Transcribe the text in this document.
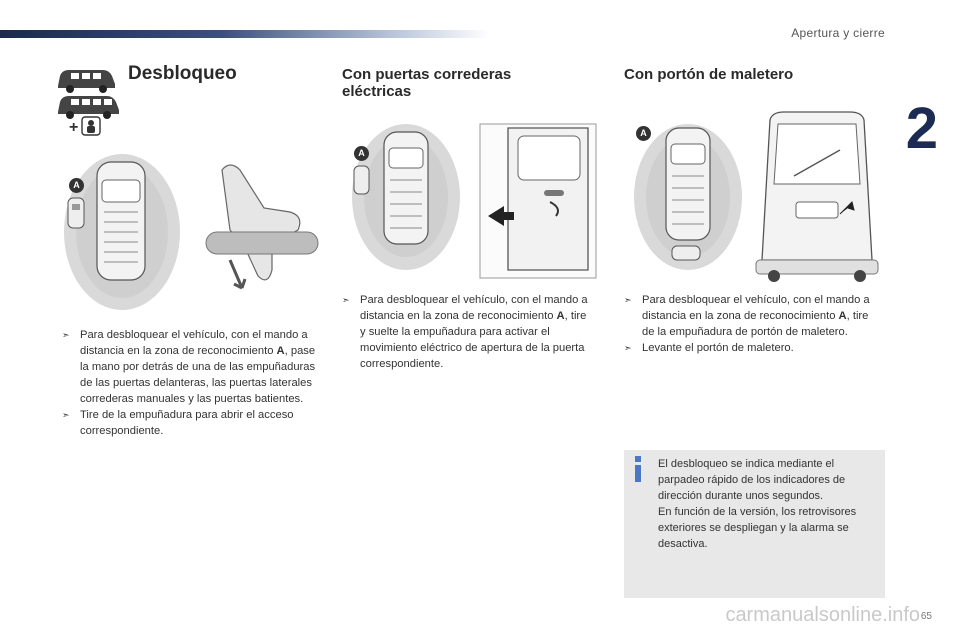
Apertura y cierre
2
carmanualsonline.info 65
+
Desbloqueo
A

➣ Para desbloquear el vehículo, con el mando a distancia en la zona de reconocimiento A, pase la mano por detrás de una de las empuñaduras de las puertas delanteras, las puertas laterales correderas manuales y las puertas batientes.

➣ Tire de la empuñadura para abrir el acceso correspondiente.

Con puertas correderas
eléctricas
A

➣ Para desbloquear el vehículo, con el mando a distancia en la zona de reconocimiento A, tire y suelte la empuñadura para activar el movimiento eléctrico de apertura de la puerta correspondiente.

Con portón de maletero
A

➣ Para desbloquear el vehículo, con el mando a distancia en la zona de reconocimiento A, tire de la empuñadura de portón de maletero.

➣ Levante el portón de maletero.

El desbloqueo se indica mediante el parpadeo rápido de los indicadores de dirección durante unos segundos.
En función de la versión, los retrovisores exteriores se despliegan y la alarma se desactiva.
